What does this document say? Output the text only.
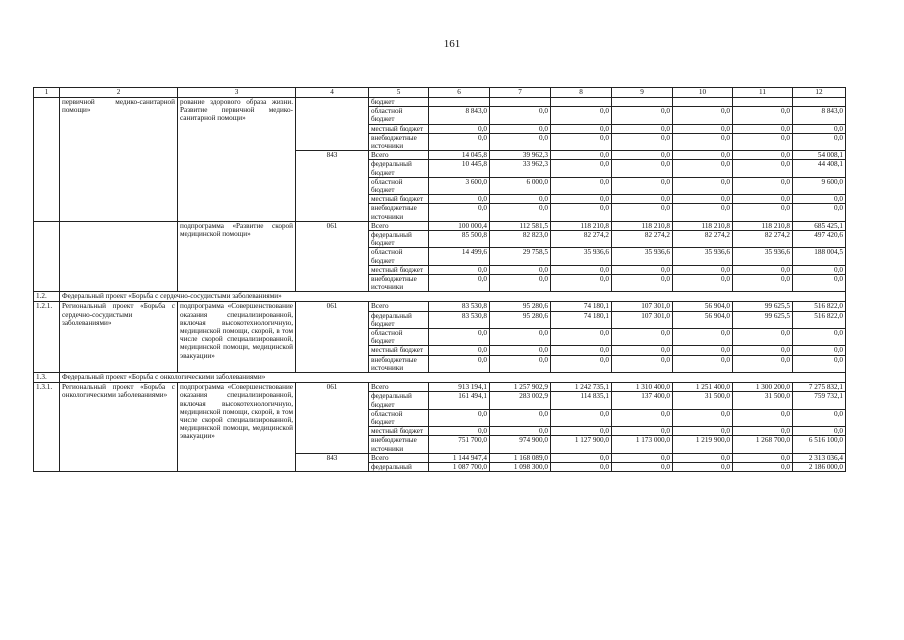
161
1	2	3	4	5	6	7	8	9	10	11	12
	первичной медико-санитарной помощи»	рование здорового образа жизни. Развитие первичной медико-санитарной помощи»		бюджет							
				областной бюджет	8 843,0	0,0	0,0	0,0	0,0	0,0	8 843,0
				местный бюджет	0,0	0,0	0,0	0,0	0,0	0,0	0,0
				внебюджетные источники	0,0	0,0	0,0	0,0	0,0	0,0	0,0
			843	Всего	14 045,8	39 962,3	0,0	0,0	0,0	0,0	54 008,1
				федеральный бюджет	10 445,8	33 962,3	0,0	0,0	0,0	0,0	44 408,1
				областной бюджет	3 600,0	6 000,0	0,0	0,0	0,0	0,0	9 600,0
				местный бюджет	0,0	0,0	0,0	0,0	0,0	0,0	0,0
				внебюджетные источники	0,0	0,0	0,0	0,0	0,0	0,0	0,0
		подпрограмма «Развитие скорой медицинской помощи»	061	Всего	100 000,4	112 581,5	118 210,8	118 210,8	118 210,8	118 210,8	685 425,1
				федеральный бюджет	85 500,8	82 823,0	82 274,2	82 274,2	82 274,2	82 274,2	497 420,6
				областной бюджет	14 499,6	29 758,5	35 936,6	35 936,6	35 936,6	35 936,6	188 004,5
				местный бюджет	0,0	0,0	0,0	0,0	0,0	0,0	0,0
				внебюджетные источники	0,0	0,0	0,0	0,0	0,0	0,0	0,0
1.2.	Федеральный проект «Борьба с сердечно-сосудистыми заболеваниями»										
1.2.1.	Региональный проект «Борьба с сердечно-сосудистыми заболеваниями»	подпрограмма «Совершенствование оказания специализированной, включая высокотехнологичную, медицинской помощи, скорой, в том числе скорой специализированной, медицинской помощи, медицинской эвакуации»	061	Всего	83 530,8	95 280,6	74 180,1	107 301,0	56 904,0	99 625,5	516 822,0
				федеральный бюджет	83 530,8	95 280,6	74 180,1	107 301,0	56 904,0	99 625,5	516 822,0
				областной бюджет	0,0	0,0	0,0	0,0	0,0	0,0	0,0
				местный бюджет	0,0	0,0	0,0	0,0	0,0	0,0	0,0
				внебюджетные источники	0,0	0,0	0,0	0,0	0,0	0,0	0,0
1.3.	Федеральный проект «Борьба с онкологическими заболеваниями»										
1.3.1.	Региональный проект «Борьба с онкологическими заболеваниями»	подпрограмма «Совершенствование оказания специализированной, включая высокотехнологичную, медицинской помощи, скорой, в том числе скорой специализированной, медицинской помощи, медицинской эвакуации»	061	Всего	913 194,1	1 257 902,9	1 242 735,1	1 310 400,0	1 251 400,0	1 300 200,0	7 275 832,1
				федеральный бюджет	161 494,1	283 002,9	114 835,1	137 400,0	31 500,0	31 500,0	759 732,1
				областной бюджет	0,0	0,0	0,0	0,0	0,0	0,0	0,0
				местный бюджет	0,0	0,0	0,0	0,0	0,0	0,0	0,0
				внебюджетные источники	751 700,0	974 900,0	1 127 900,0	1 173 000,0	1 219 900,0	1 268 700,0	6 516 100,0
			843	Всего	1 144 947,4	1 168 089,0	0,0	0,0	0,0	0,0	2 313 036,4
				федеральный	1 087 700,0	1 098 300,0	0,0	0,0	0,0	0,0	2 186 000,0
